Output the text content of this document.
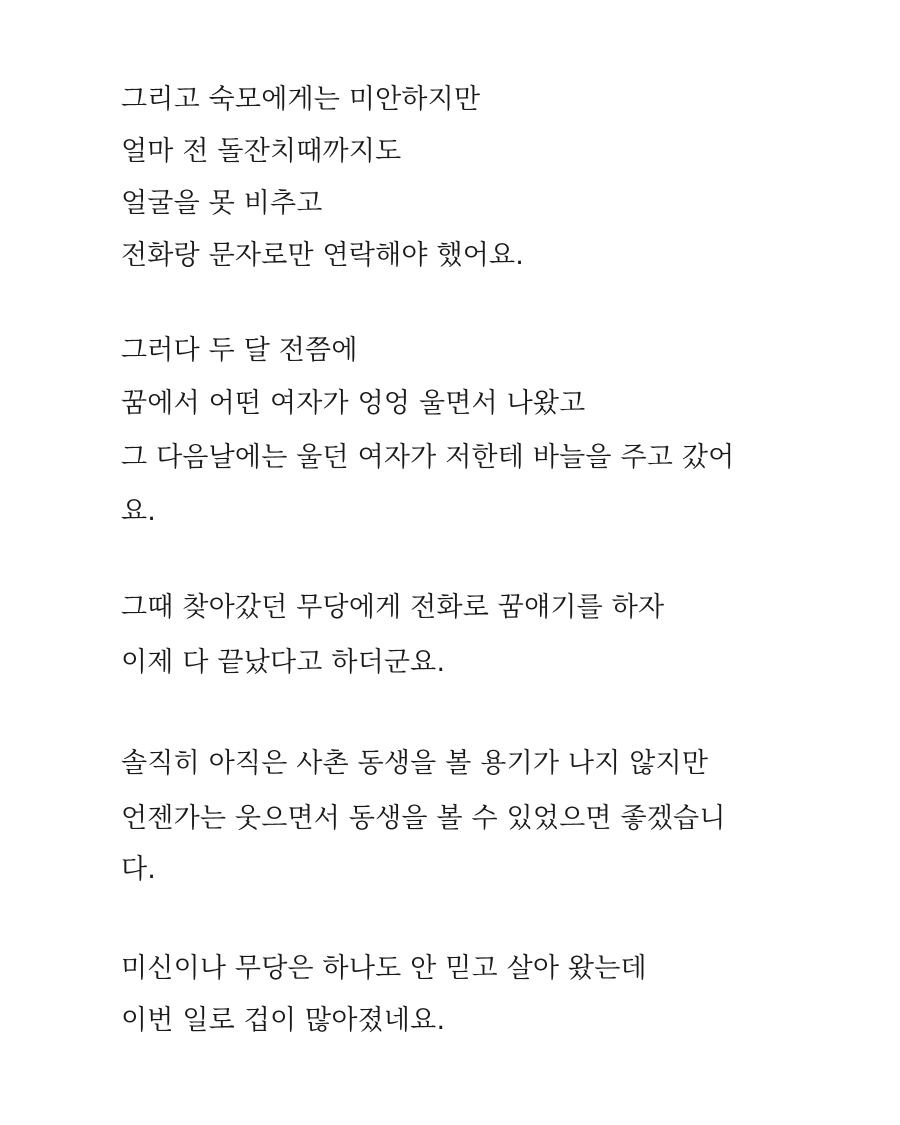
그리고 숙모에게는 미안하지만
얼마 전 돌잔치때까지도
얼굴을 못 비추고
전화랑 문자로만 연락해야 했어요.
그러다 두 달 전쯤에
꿈에서 어떤 여자가 엉엉 울면서 나왔고
그 다음날에는 울던 여자가 저한테 바늘을 주고 갔어
요.
그때 찾아갔던 무당에게 전화로 꿈얘기를 하자
이제 다 끝났다고 하더군요.
솔직히 아직은 사촌 동생을 볼 용기가 나지 않지만
언젠가는 웃으면서 동생을 볼 수 있었으면 좋겠습니
다.
미신이나 무당은 하나도 안 믿고 살아 왔는데
이번 일로 겁이 많아졌네요.
